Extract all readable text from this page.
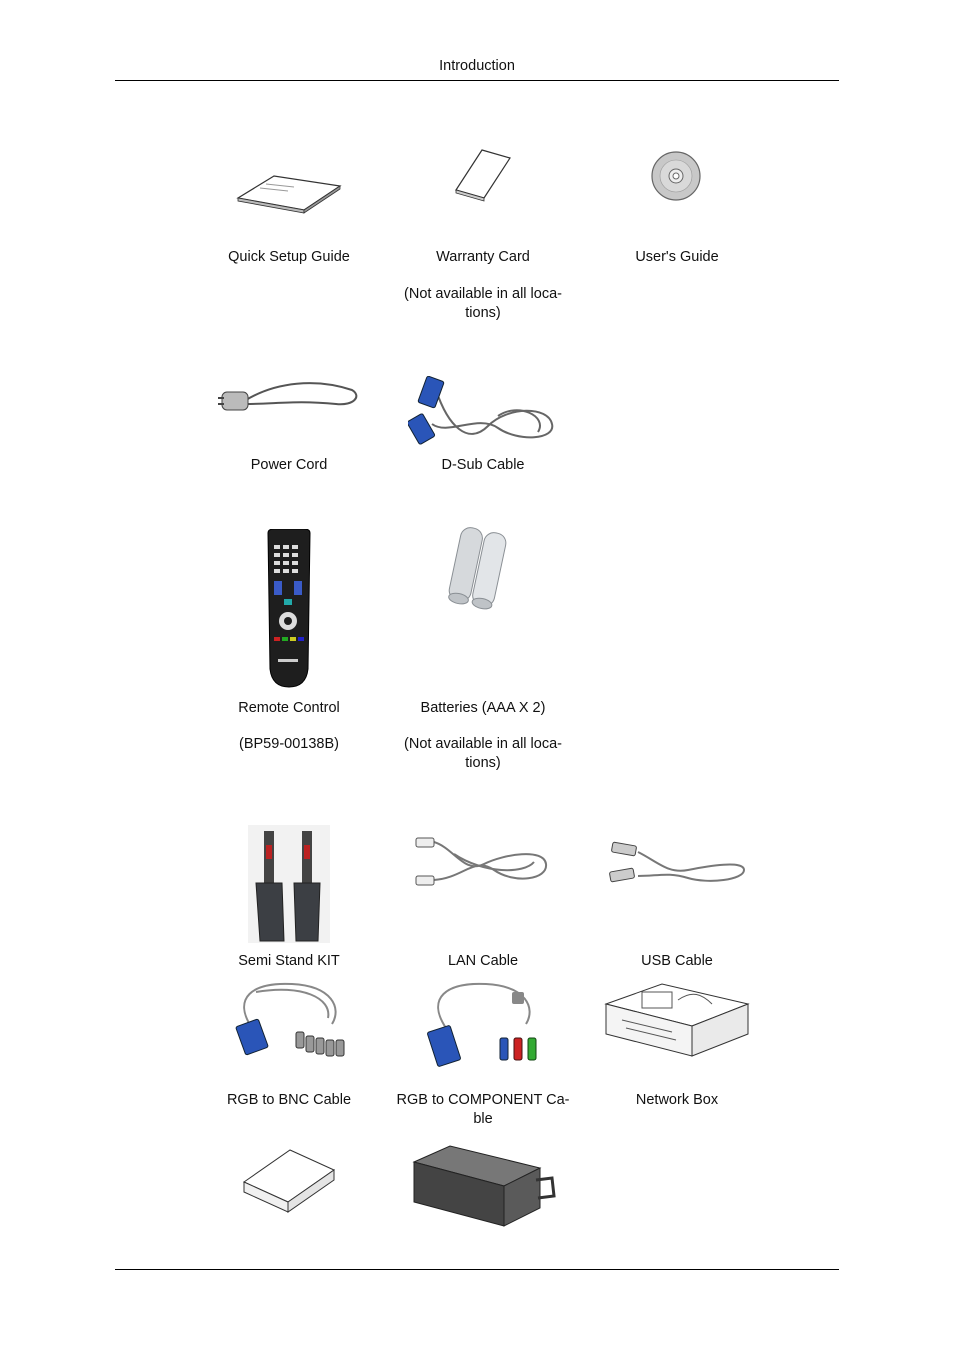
Introduction
Quick Setup Guide	Warranty Card
(Not available in all loca-
tions)
User's Guide
Power Cord	D-Sub Cable
Remote Control
(BP59-00138B)
Batteries (AAA X 2)
(Not available in all loca-
tions)
Semi Stand KIT	LAN Cable	USB Cable
RGB to BNC Cable	RGB to COMPONENT Ca-
ble
Network Box
